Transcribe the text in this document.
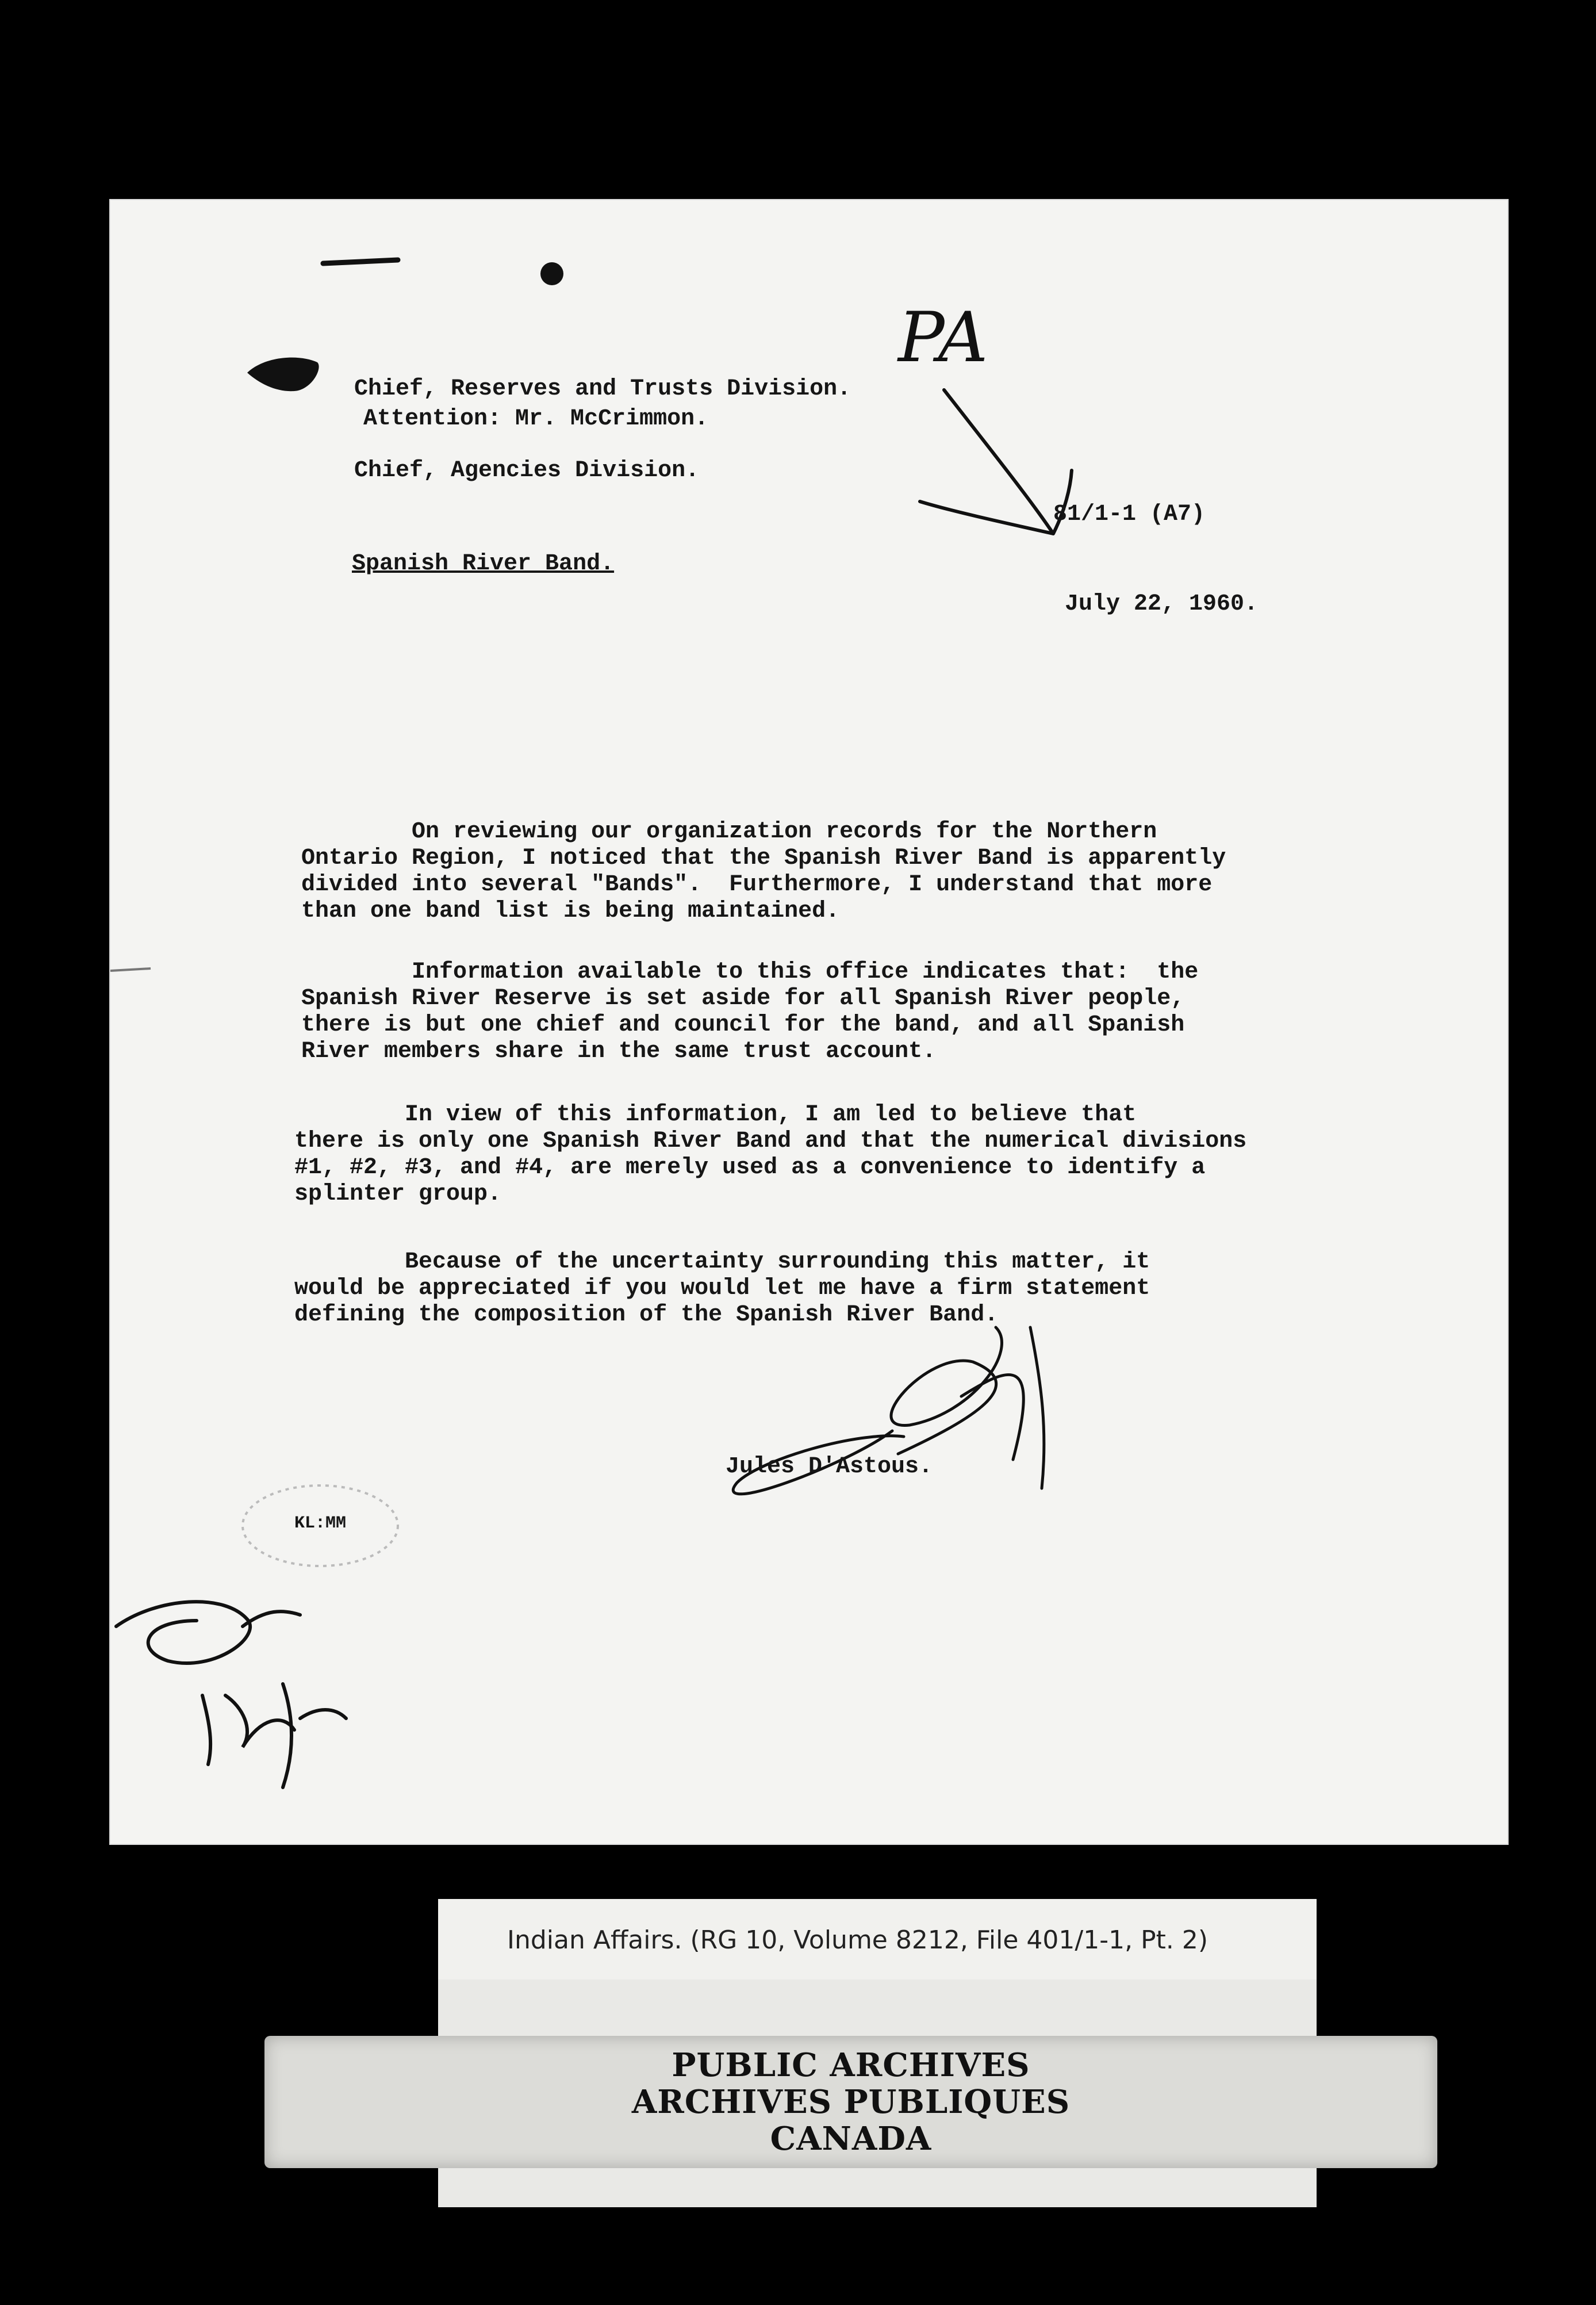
Chief, Reserves and Trusts Division.
Attention: Mr. McCrimmon.
Chief, Agencies Division.
Spanish River Band.
81/1-1 (A7)
July 22, 1960.
PA
On reviewing our organization records for the Northern
Ontario Region, I noticed that the Spanish River Band is apparently
divided into several "Bands".  Furthermore, I understand that more
than one band list is being maintained.
Information available to this office indicates that:  the
Spanish River Reserve is set aside for all Spanish River people,
there is but one chief and council for the band, and all Spanish
River members share in the same trust account.
In view of this information, I am led to believe that
there is only one Spanish River Band and that the numerical divisions
#1, #2, #3, and #4, are merely used as a convenience to identify a
splinter group.
Because of the uncertainty surrounding this matter, it
would be appreciated if you would let me have a firm statement
defining the composition of the Spanish River Band.
Jules D'Astous.
KL:MM
Indian Affairs. (RG 10, Volume 8212, File 401/1-1, Pt. 2)
PUBLIC ARCHIVES
ARCHIVES PUBLIQUES
CANADA
